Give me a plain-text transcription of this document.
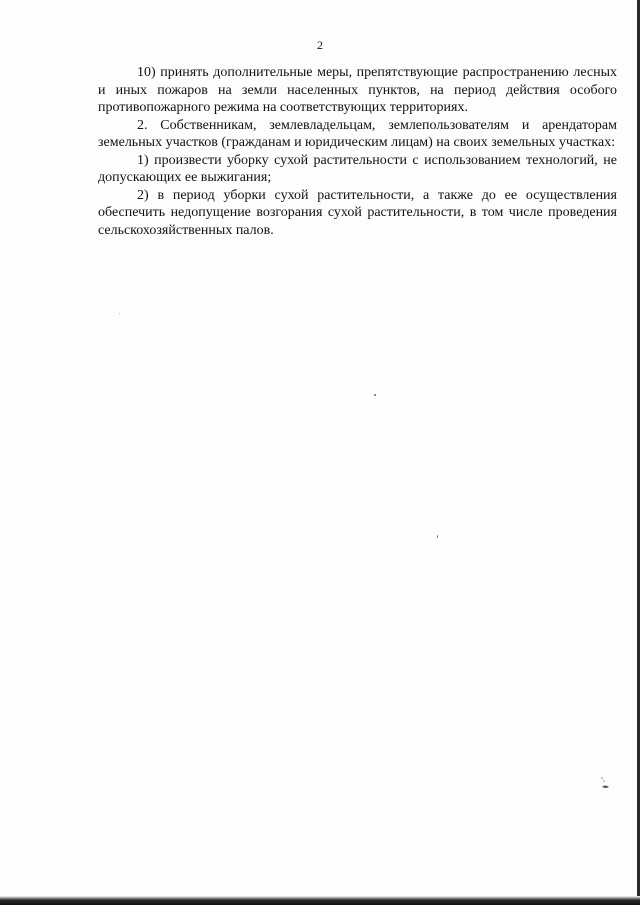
2

10) принять дополнительные меры, препятствующие распространению лесных и иных пожаров на земли населенных пунктов, на период действия особого противопожарного режима на соответствующих территориях.

2. Собственникам, землевладельцам, землепользователям и арендаторам земельных участков (гражданам и юридическим лицам) на своих земельных участках:

1) произвести уборку сухой растительности с использованием технологий, не допускающих ее выжигания;

2) в период уборки сухой растительности, а также до ее осуществления обеспечить недопущение возгорания сухой растительности, в том числе проведения сельскохозяйственных палов.
